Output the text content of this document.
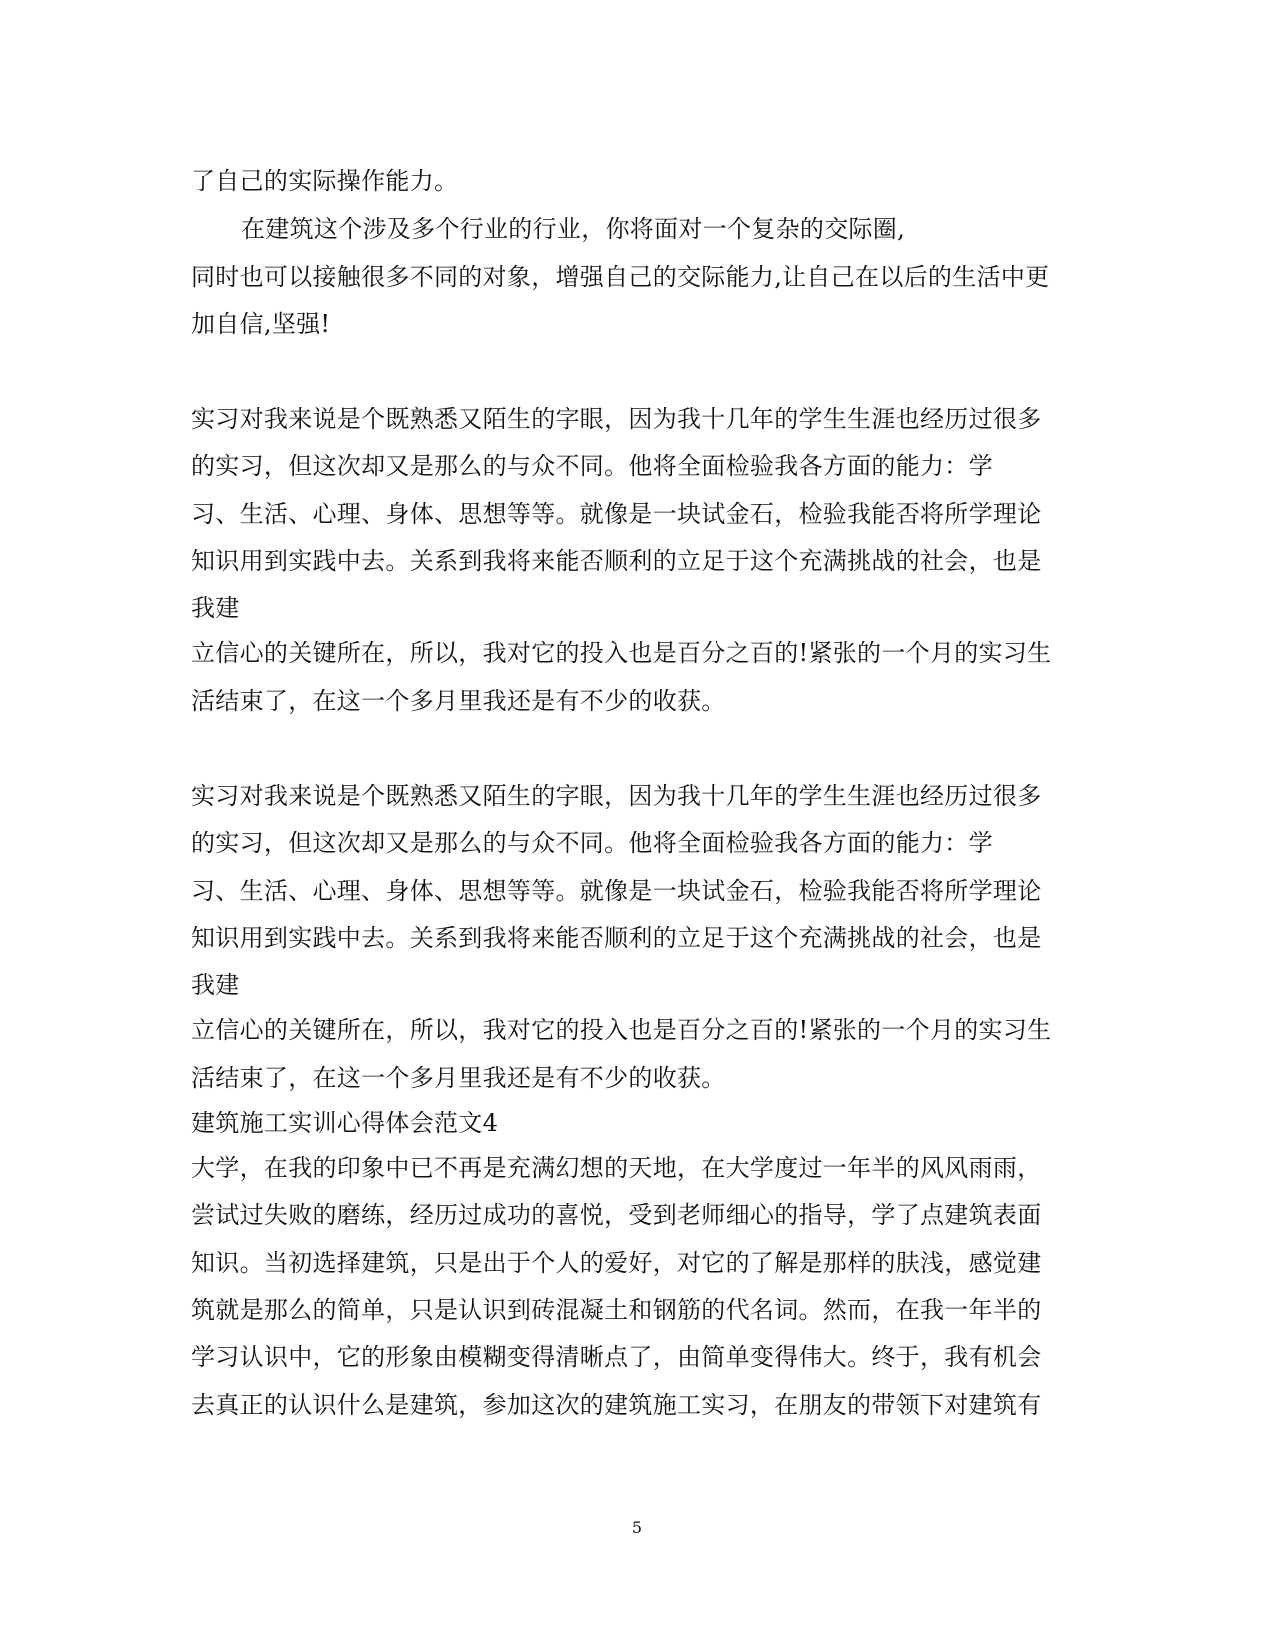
了自己的实际操作能力。
在建筑这个涉及多个行业的行业，你将面对一个复杂的交际圈,
同时也可以接触很多不同的对象，增强自己的交际能力,让自己在以后的生活中更
加自信,坚强!
实习对我来说是个既熟悉又陌生的字眼，因为我十几年的学生生涯也经历过很多
的实习，但这次却又是那么的与众不同。他将全面检验我各方面的能力：学
习、生活、心理、身体、思想等等。就像是一块试金石，检验我能否将所学理论
知识用到实践中去。关系到我将来能否顺利的立足于这个充满挑战的社会，也是
我建
立信心的关键所在，所以，我对它的投入也是百分之百的!紧张的一个月的实习生
活结束了，在这一个多月里我还是有不少的收获。
实习对我来说是个既熟悉又陌生的字眼，因为我十几年的学生生涯也经历过很多
的实习，但这次却又是那么的与众不同。他将全面检验我各方面的能力：学
习、生活、心理、身体、思想等等。就像是一块试金石，检验我能否将所学理论
知识用到实践中去。关系到我将来能否顺利的立足于这个充满挑战的社会，也是
我建
立信心的关键所在，所以，我对它的投入也是百分之百的!紧张的一个月的实习生
活结束了，在这一个多月里我还是有不少的收获。
建筑施工实训心得体会范文4
大学，在我的印象中已不再是充满幻想的天地，在大学度过一年半的风风雨雨，
尝试过失败的磨练，经历过成功的喜悦，受到老师细心的指导，学了点建筑表面
知识。当初选择建筑，只是出于个人的爱好，对它的了解是那样的肤浅，感觉建
筑就是那么的简单，只是认识到砖混凝土和钢筋的代名词。然而，在我一年半的
学习认识中，它的形象由模糊变得清晰点了，由简单变得伟大。终于，我有机会
去真正的认识什么是建筑，参加这次的建筑施工实习，在朋友的带领下对建筑有
5
